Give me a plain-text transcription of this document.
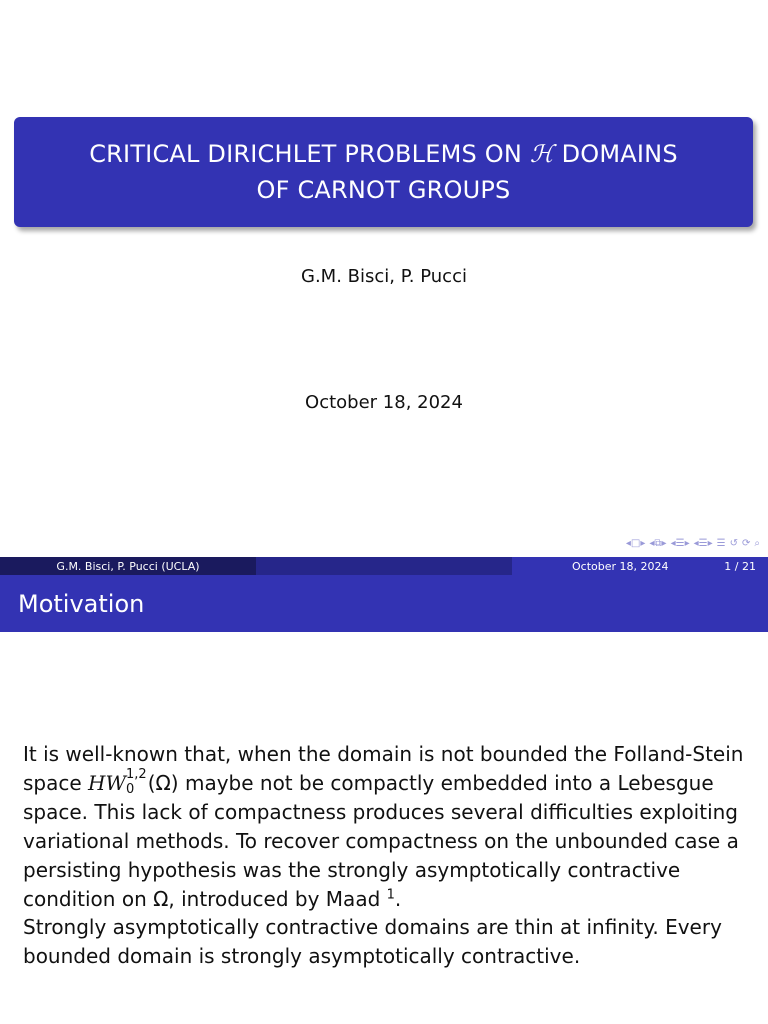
CRITICAL DIRICHLET PROBLEMS ON ℋ DOMAINS
OF CARNOT GROUPS
G.M. Bisci, P. Pucci
October 18, 2024
◂□▸ ◂⧉▸ ◂☰▸ ◂☰▸ ☰ ↺ ⟳ ⌕
G.M. Bisci, P. Pucci (UCLA)	October 18, 2024	1 / 21
Motivation
It is well-known that, when the domain is not bounded the Folland-Stein space HW 1,2
0 (Ω) maybe not be compactly embedded into a Lebesgue space. This lack of compactness produces several difficulties exploiting variational methods. To recover compactness on the unbounded case a persisting hypothesis was the strongly asymptotically contractive condition on Ω, introduced by Maad $^1$.
Strongly asymptotically contractive domains are thin at infinity. Every bounded domain is strongly asymptotically contractive.
